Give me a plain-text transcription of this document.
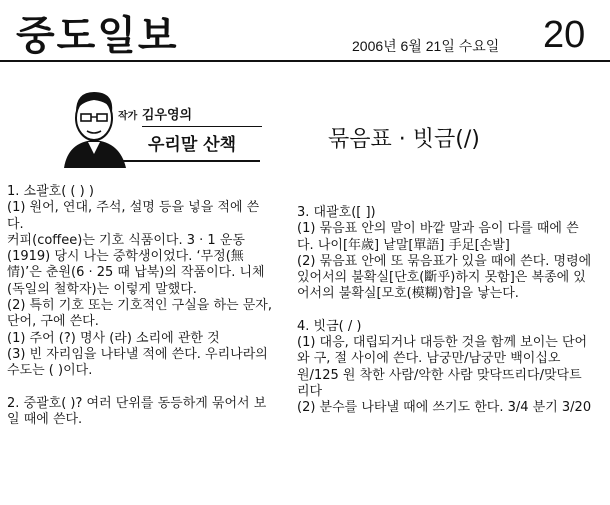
중도일보	2006년 6월 21일 수요일 20
작가 김우영의
우리말 산책	묶음표 · 빗금(/)

1. 소괄호( ( ) )

(1) 원어, 연대, 주석, 설명 등을 넣을 적에 쓴다.

커피(coffee)는 기호 식품이다. 3 · 1 운동(1919) 당시 나는 중학생이었다. ‘무정(無情)’은 춘원(6 · 25 때 납북)의 작품이다. 니체(독일의 철학자)는 이렇게 말했다.

(2) 특히 기호 또는 기호적인 구실을 하는 문자, 단어, 구에 쓴다.

(1) 주어 (?) 명사 (라) 소리에 관한 것

(3) 빈 자리임을 나타낼 적에 쓴다. 우리나라의 수도는 ( )이다.

2. 중괄호( )? 여러 단위를 동등하게 묶어서 보일 때에 쓴다.

3. 대괄호([ ])

(1) 묶음표 안의 말이 바깥 말과 음이 다를 때에 쓴다. 나이[年歲] 낱말[單語] 手足[손발]

(2) 묶음표 안에 또 묶음표가 있을 때에 쓴다. 명령에 있어서의 불확실[단호(斷乎)하지 못함]은 복종에 있어서의 불확실[모호(模糊)함]을 낳는다.

4. 빗금( / )

(1) 대응, 대립되거나 대등한 것을 함께 보이는 단어와 구, 절 사이에 쓴다. 남궁만/남궁만 백이십오 원/125 원 착한 사람/악한 사람 맞닥뜨리다/맞닥트리다

(2) 분수를 나타낼 때에 쓰기도 한다. 3/4 분기 3/20
